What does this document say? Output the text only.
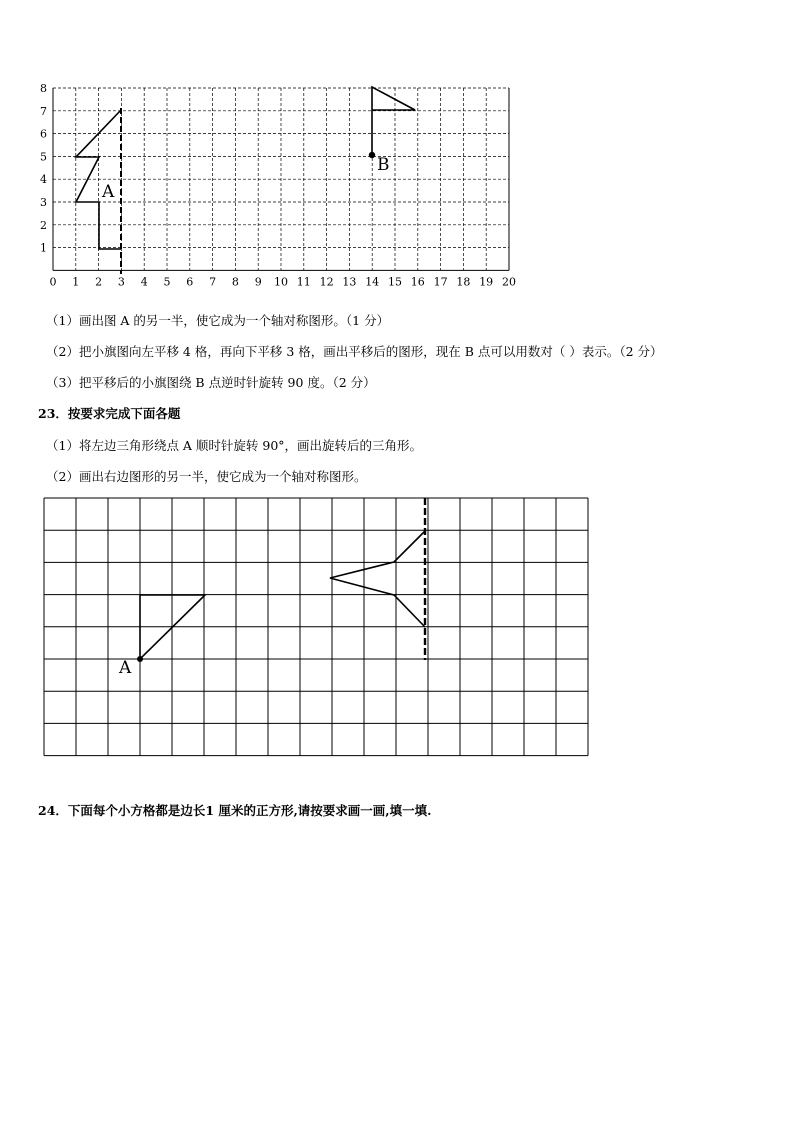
0 1 2 3 4 5 6 7 8 9 10 11 12 13 14 15 16 17 18 19 20
1
2
3
4
5
6
7
8
A
B

（1）画出图 A 的另一半，使它成为一个轴对称图形。（1 分）

（2）把小旗图向左平移 4 格，再向下平移 3 格，画出平移后的图形，现在 B 点可以用数对（ ）表示。（2 分）

（3）把平移后的小旗图绕 B 点逆时针旋转 90 度。（2 分）

23．按要求完成下面各题

（1）将左边三角形绕点 A 顺时针旋转 90°，画出旋转后的三角形。

（2）画出右边图形的另一半，使它成为一个轴对称图形。

A

24．下面每个小方格都是边长1 厘米的正方形,请按要求画一画,填一填.
